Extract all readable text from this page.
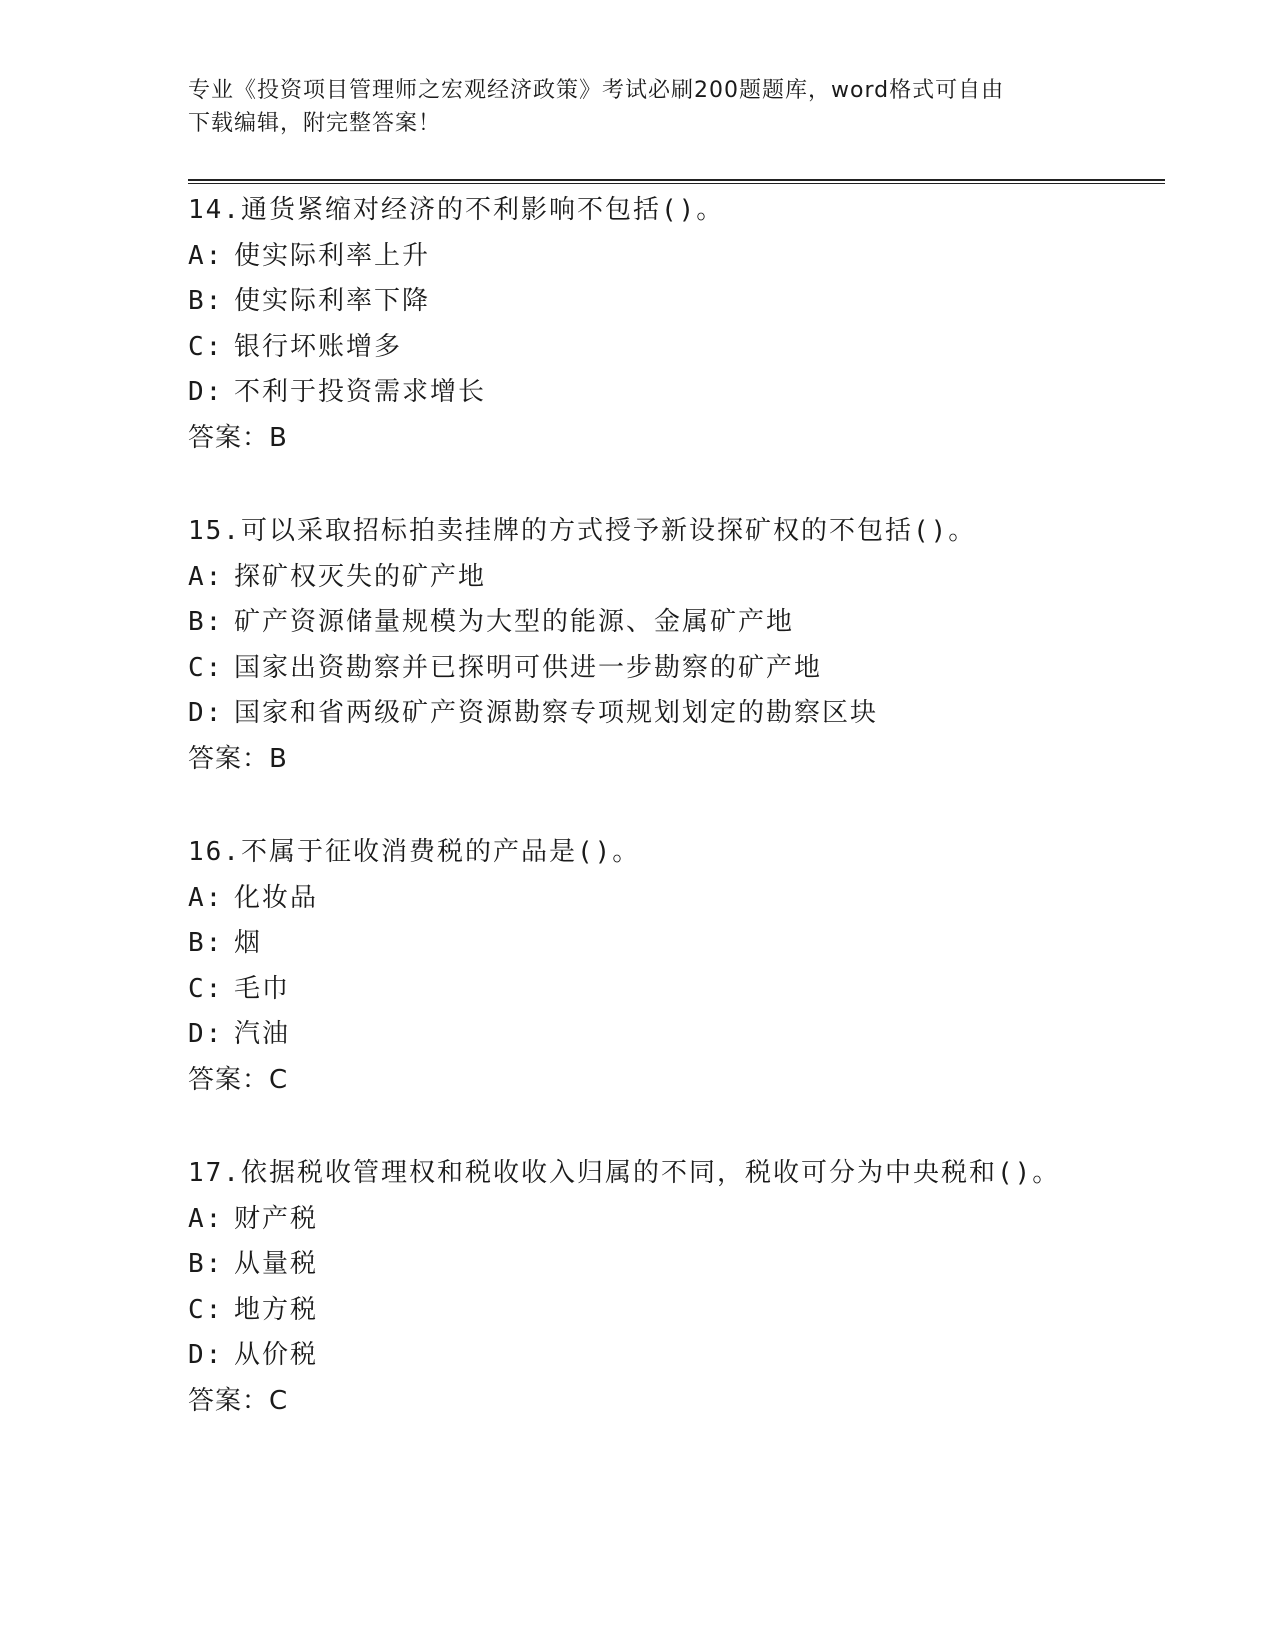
专业《投资项目管理师之宏观经济政策》考试必刷200题题库，word格式可自由
下载编辑，附完整答案！
14.通货紧缩对经济的不利影响不包括()。
A: 使实际利率上升
B: 使实际利率下降
C: 银行坏账增多
D: 不利于投资需求增长
答案：B
15.可以采取招标拍卖挂牌的方式授予新设探矿权的不包括()。
A: 探矿权灭失的矿产地
B: 矿产资源储量规模为大型的能源、金属矿产地
C: 国家出资勘察并已探明可供进一步勘察的矿产地
D: 国家和省两级矿产资源勘察专项规划划定的勘察区块
答案：B
16.不属于征收消费税的产品是()。
A: 化妆品
B: 烟
C: 毛巾
D: 汽油
答案：C
17.依据税收管理权和税收收入归属的不同，税收可分为中央税和()。
A: 财产税
B: 从量税
C: 地方税
D: 从价税
答案：C
